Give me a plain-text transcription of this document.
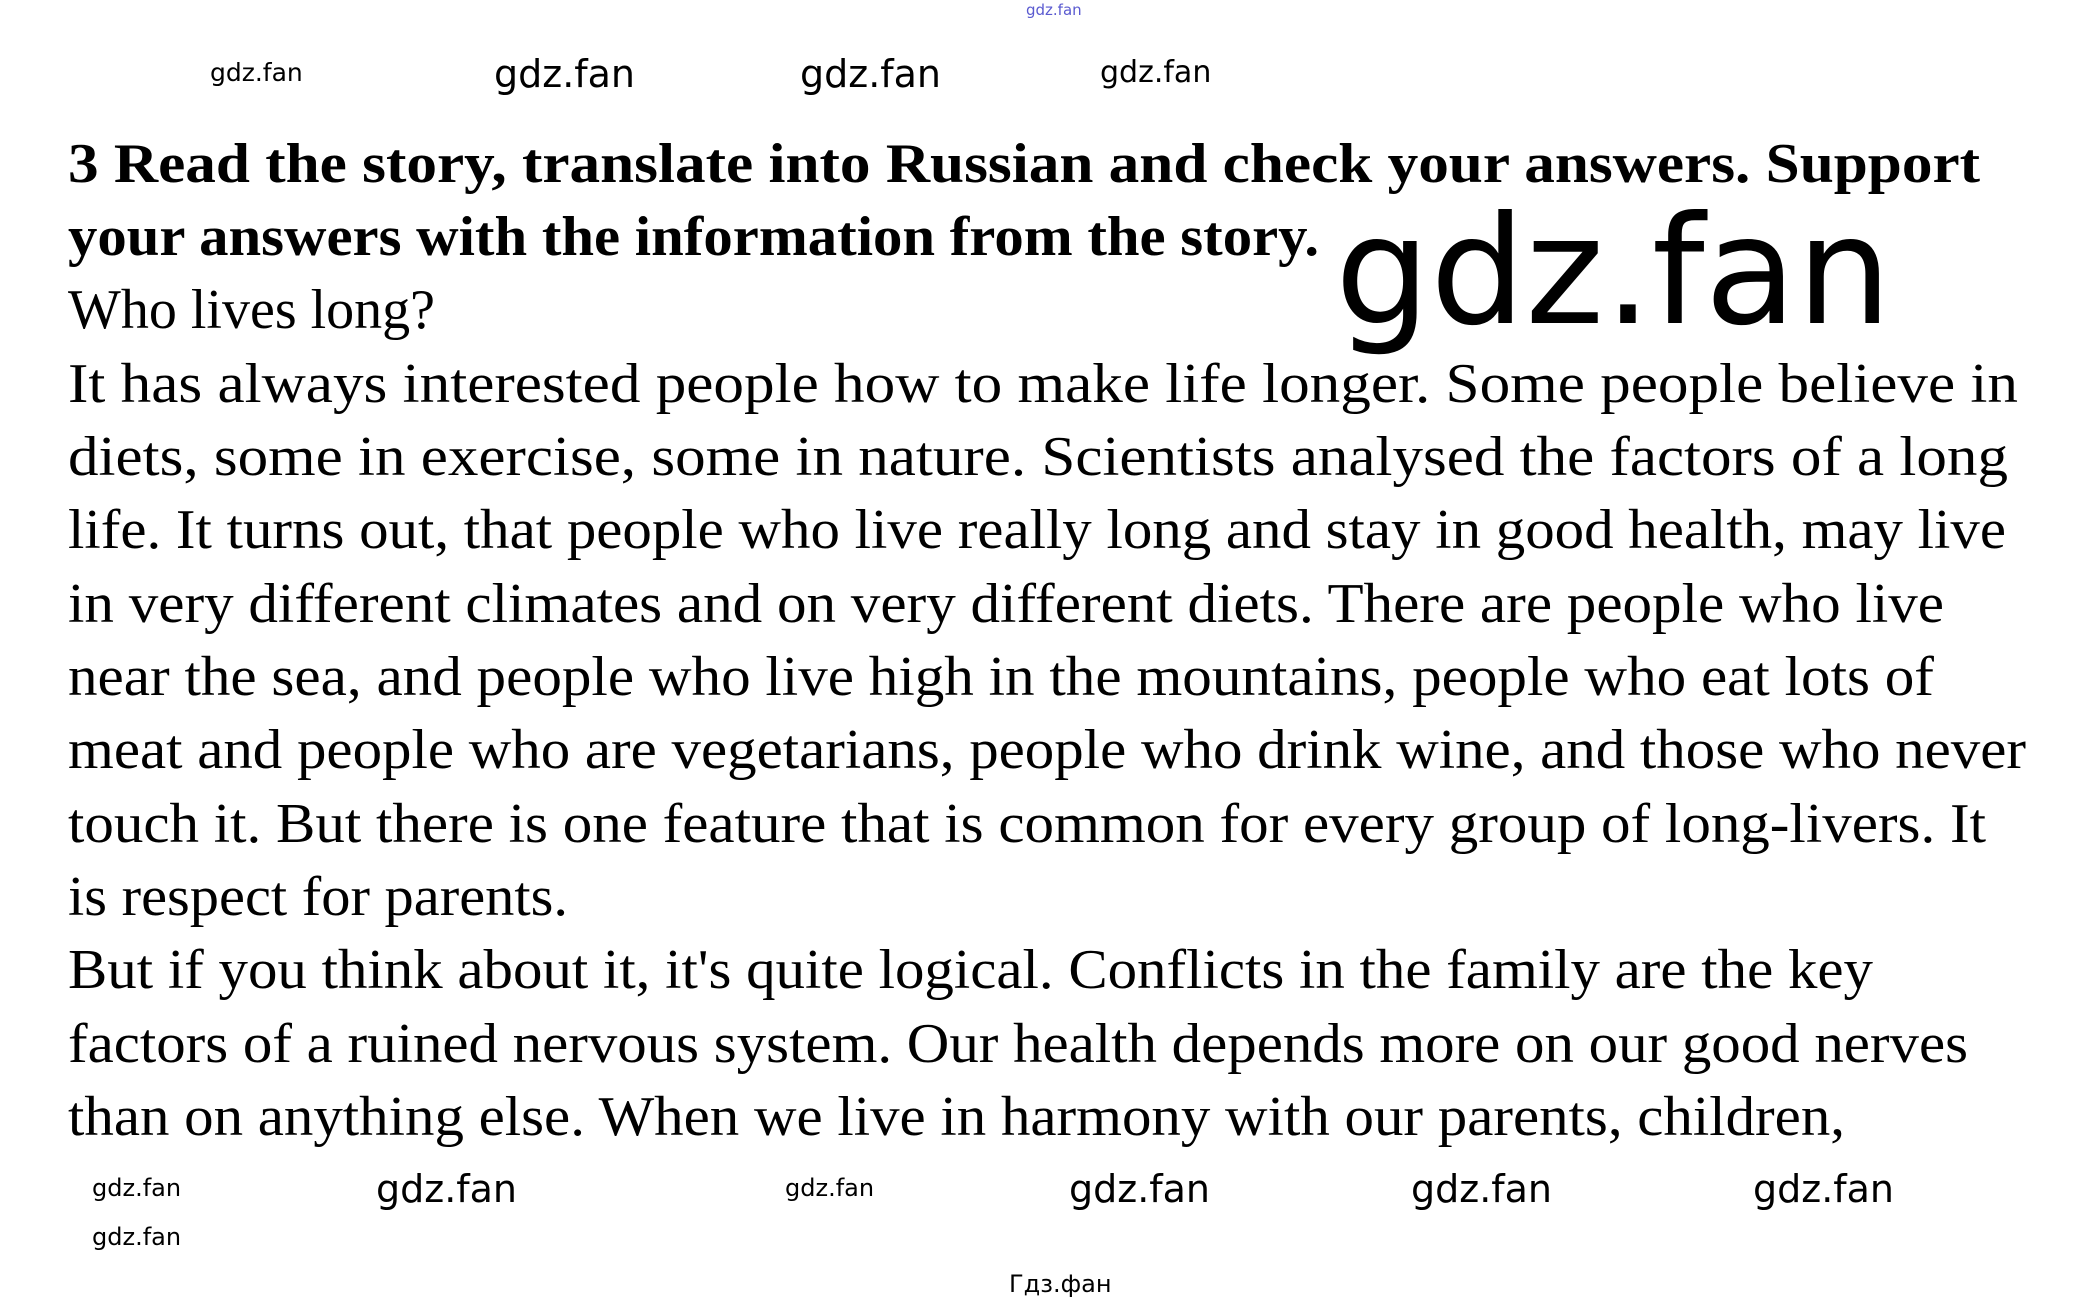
gdz.fan
3 Read the story, translate into Russian and check your answers. Support
your answers with the information from the story.
Who lives long?
It has always interested people how to make life longer. Some people believe in
diets, some in exercise, some in nature. Scientists analysed the factors of a long
life. It turns out, that people who live really long and stay in good health, may live
in very different climates and on very different diets. There are people who live
near the sea, and people who live high in the mountains, people who eat lots of
meat and people who are vegetarians, people who drink wine, and those who never
touch it. But there is one feature that is common for every group of long-livers. It
is respect for parents.
But if you think about it, it's quite logical. Conflicts in the family are the key
factors of a ruined nervous system. Our health depends more on our good nerves
than on anything else. When we live in harmony with our parents, children,
gdz.fan
gdz.fan	gdz.fan	gdz.fan	gdz.fan
gdz.fan
gdz.fan
gdz.fan
gdz.fan	gdz.fan	gdz.fan	gdz.fan
Гдз.фан
